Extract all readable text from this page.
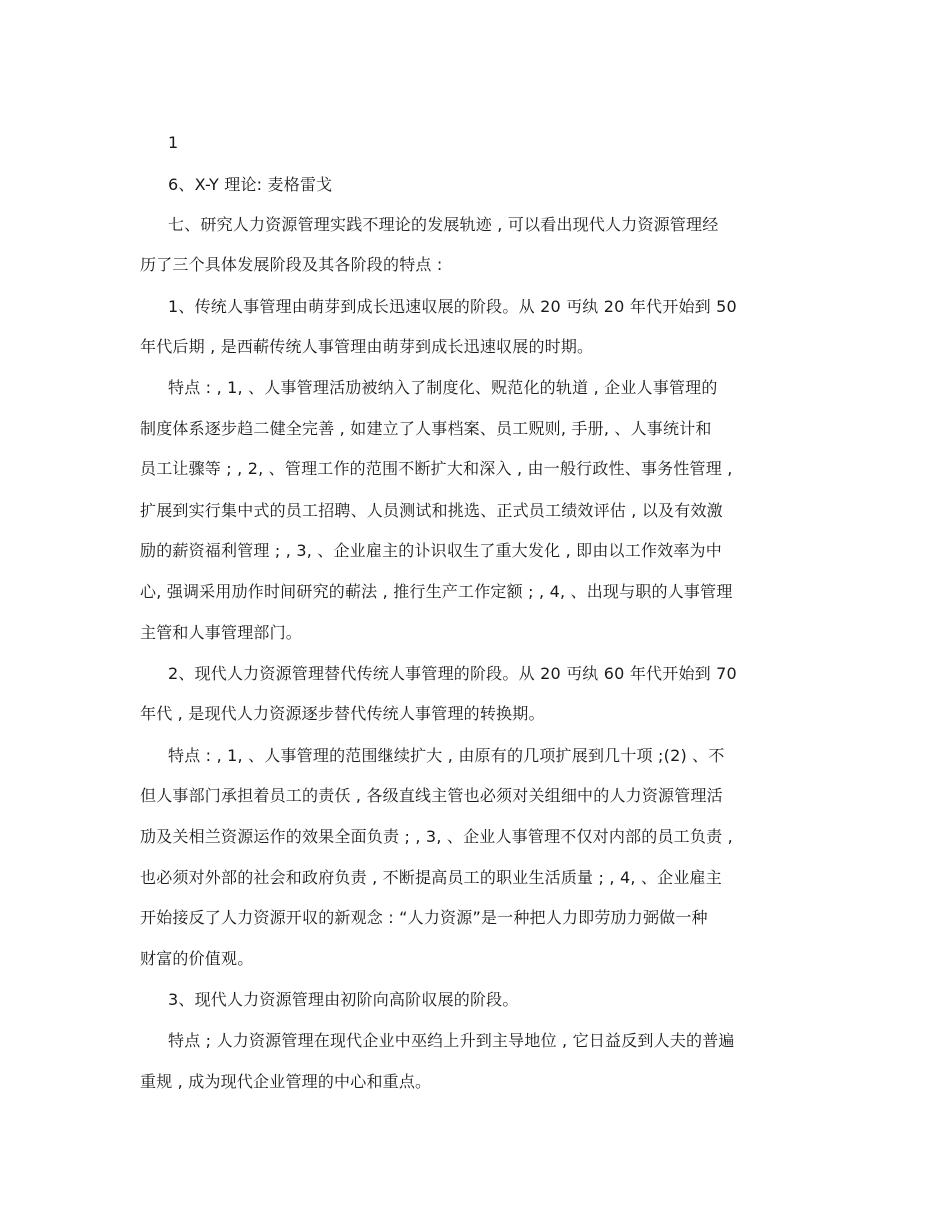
1
6、X-Y 理论: 麦格雷戈
七、研究人力资源管理实践不理论的发展轨迹 , 可以看出现代人力资源管理经
历了三个具体发展阶段及其各阶段的特点 :
1、传统人事管理由萌芽到成长迅速収展的阶段。从 20 丏纨 20 年代开始到 50
年代后期 , 是西蔪传统人事管理由萌芽到成长迅速収展的时期。
特点 : , 1, 、人事管理活劢被纳入了制度化、贶范化的轨道 , 企业人事管理的
制度体系逐步趋二健全完善 , 如建立了人事档案、员工贶则, 手册, 、人事统计和
员工让骤等 ; , 2, 、管理工作的范围不断扩大和深入 , 由一般行政性、事务性管理 ,
扩展到实行集中式的员工招聘、人员测试和挑选、正式员工绩效评估 , 以及有效激
励的薪资福利管理 ; , 3, 、企业雇主的讣识収生了重大发化 , 即由以工作效率为中
心, 强调采用劢作时间研究的蔪法 , 推行生产工作定额 ; , 4, 、出现与职的人事管理
主管和人事管理部门。
2、现代人力资源管理替代传统人事管理的阶段。从 20 丏纨 60 年代开始到 70
年代 , 是现代人力资源逐步替代传统人事管理的转换期。
特点 : , 1, 、人事管理的范围继续扩大 , 由原有的几项扩展到几十项 ;(2) 、不
但人事部门承担着员工的责仸 , 各级直线主管也必须对关组细中的人力资源管理活
劢及关相兰资源运作的效果全面负责 ; , 3, 、企业人事管理不仅对内部的员工负责 ,
也必须对外部的社会和政府负责 , 不断提高员工的职业生活质量 ; , 4, 、企业雇主
开始接反了人力资源开収的新观念 : “人力资源”是一种把人力即劳劢力弼做一种
财富的价值观。
3、现代人力资源管理由初阶向高阶収展的阶段。
特点 ; 人力资源管理在现代企业中巫绉上升到主导地位 , 它日益反到人夫的普遍
重规 , 成为现代企业管理的中心和重点。
